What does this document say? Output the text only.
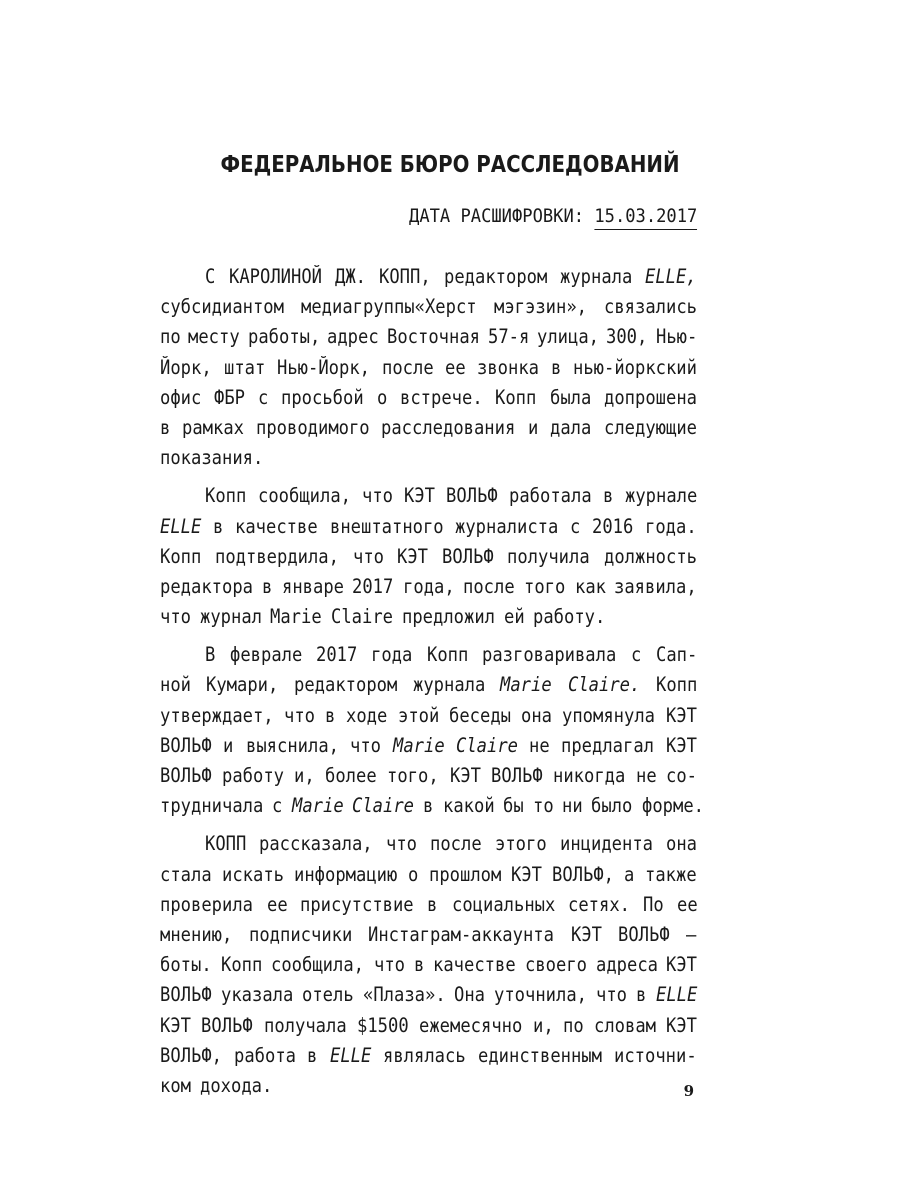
ФЕДЕРАЛЬНОЕ БЮРО РАССЛЕДОВАНИЙ
ДАТА РАСШИФРОВКИ: 15.03.2017
С КАРОЛИНОЙ ДЖ. КОПП, редактором журнала ELLE,
субсидиантом медиагруппы«Херст мэгэзин», связались
по месту работы, адрес Восточная 57-я улица, 300, Нью-
Йорк, штат Нью-Йорк, после ее звонка в нью-йоркский
офис ФБР с просьбой о встрече. Копп была допрошена
в рамках проводимого расследования и дала следующие
показания.
Копп сообщила, что КЭТ ВОЛЬФ работала в журнале
ELLE в качестве внештатного журналиста с 2016 года.
Копп подтвердила, что КЭТ ВОЛЬФ получила должность
редактора в январе 2017 года, после того как заявила,
что журнал Marie Claire предложил ей работу.
В феврале 2017 года Копп разговаривала с Сап-
ной Кумари, редактором журнала Marie Claire. Копп
утверждает, что в ходе этой беседы она упомянула КЭТ
ВОЛЬФ и выяснила, что Marie Claire не предлагал КЭТ
ВОЛЬФ работу и, более того, КЭТ ВОЛЬФ никогда не со-
трудничала с Marie Claire в какой бы то ни было форме.
КОПП рассказала, что после этого инцидента она
стала искать информацию о прошлом КЭТ ВОЛЬФ, а также
проверила ее присутствие в социальных сетях. По ее
мнению, подписчики Инстаграм-аккаунта КЭТ ВОЛЬФ —
боты. Копп сообщила, что в качестве своего адреса КЭТ
ВОЛЬФ указала отель «Плаза». Она уточнила, что в ELLE
КЭТ ВОЛЬФ получала $1500 ежемесячно и, по словам КЭТ
ВОЛЬФ, работа в ELLE являлась единственным источни-
ком дохода.	9
